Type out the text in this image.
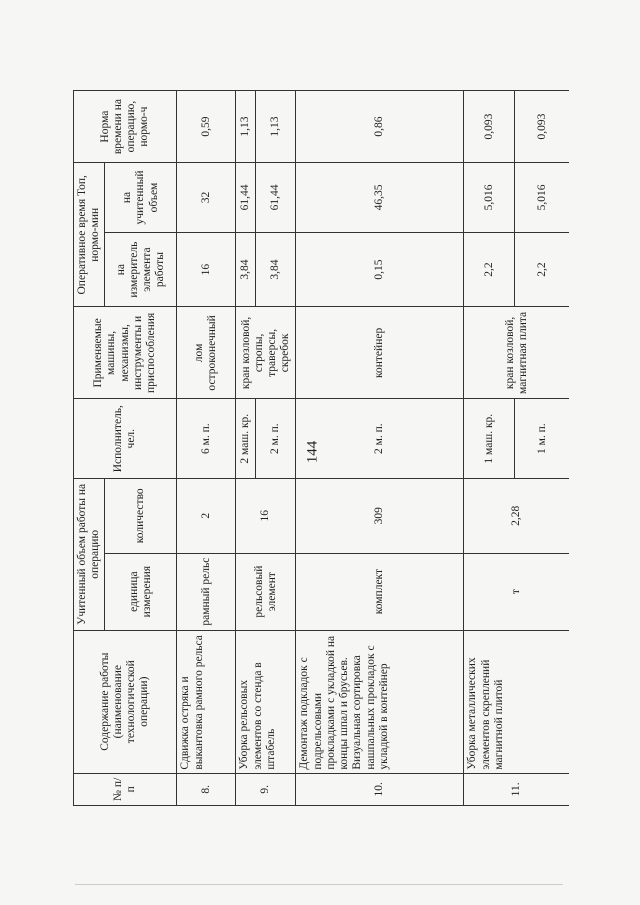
144
№ п/п	Содержание работы (наименование технологической операции)	Учитенный объем работы на операцию		Исполнитель, чел.	Применяемые машины, механизмы, инструменты и приспособления	Оперативное время Топ, нормо-мин		Норма времени на операцию, нормо-ч
		единица измерения	количество			на измеритель элемента работы	на учитенный объем	
8.	Сдвижка остряка и выкантовка рамного рельса	рамный рельс	2	6 м. п.	лом остроконечный	16	32	0,59
9.	Уборка рельсовых элементов со стенда в штабель	рельсовый элемент	16	2 маш. кр.	кран козловой, стропы, траверсы, скребок	3,84	61,44	1,13
				2 м. п.		3,84	61,44	1,13
10.	Демонтаж подкладок с подрельсовыми прокладками с укладкой на концы шпал и брусьев. Визуальная сортировка нашпальных прокладок с укладкой в контейнер	комплект	309	2 м. п.	контейнер	0,15	46,35	0,86
11.	Уборка металлических элементов скреплений магнитной плитой	т	2,28	1 маш. кр.	кран козловой, магнитная плита	2,2	5,016	0,093
				1 м. п.		2,2	5,016	0,093
